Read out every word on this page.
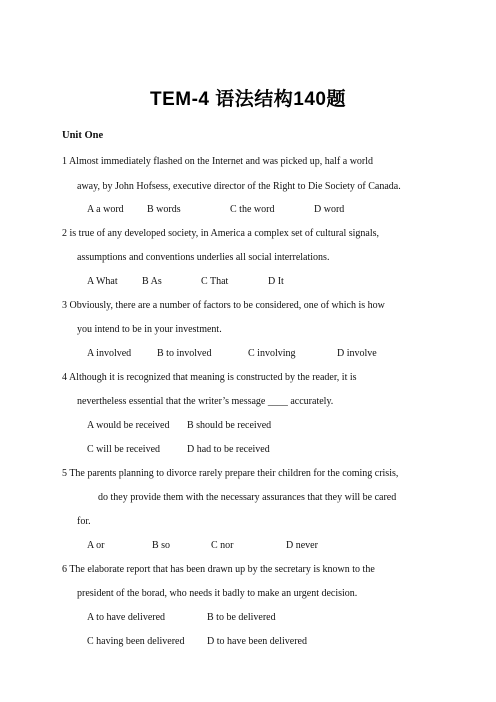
TEM-4 语法结构140题
Unit One
1 Almost immediately flashed on the Internet and was picked up, half a world
away, by John Hofsess, executive director of the Right to Die Society of Canada.
A a word B words	C the word	D word
2 is true of any developed society, in America a complex set of cultural signals,
assumptions and conventions underlies all social interrelations.
A What B As	C That	D It
3 Obviously, there are a number of factors to be considered, one of which is how
you intend to be in your investment.
A involved	B to involved	C involving	D involve
4 Although it is recognized that meaning is constructed by the reader, it is
nevertheless essential that the writer’s message ____ accurately.
A would be received B should be received
C will be received	D had to be received
5 The parents planning to divorce rarely prepare their children for the coming crisis,
do they provide them with the necessary assurances that they will be cared
for.
A or	B so	C nor	D never
6 The elaborate report that has been drawn up by the secretary is known to the
president of the borad, who needs it badly to make an urgent decision.
A to have delivered	B to be delivered
C having been delivered D to have been delivered
